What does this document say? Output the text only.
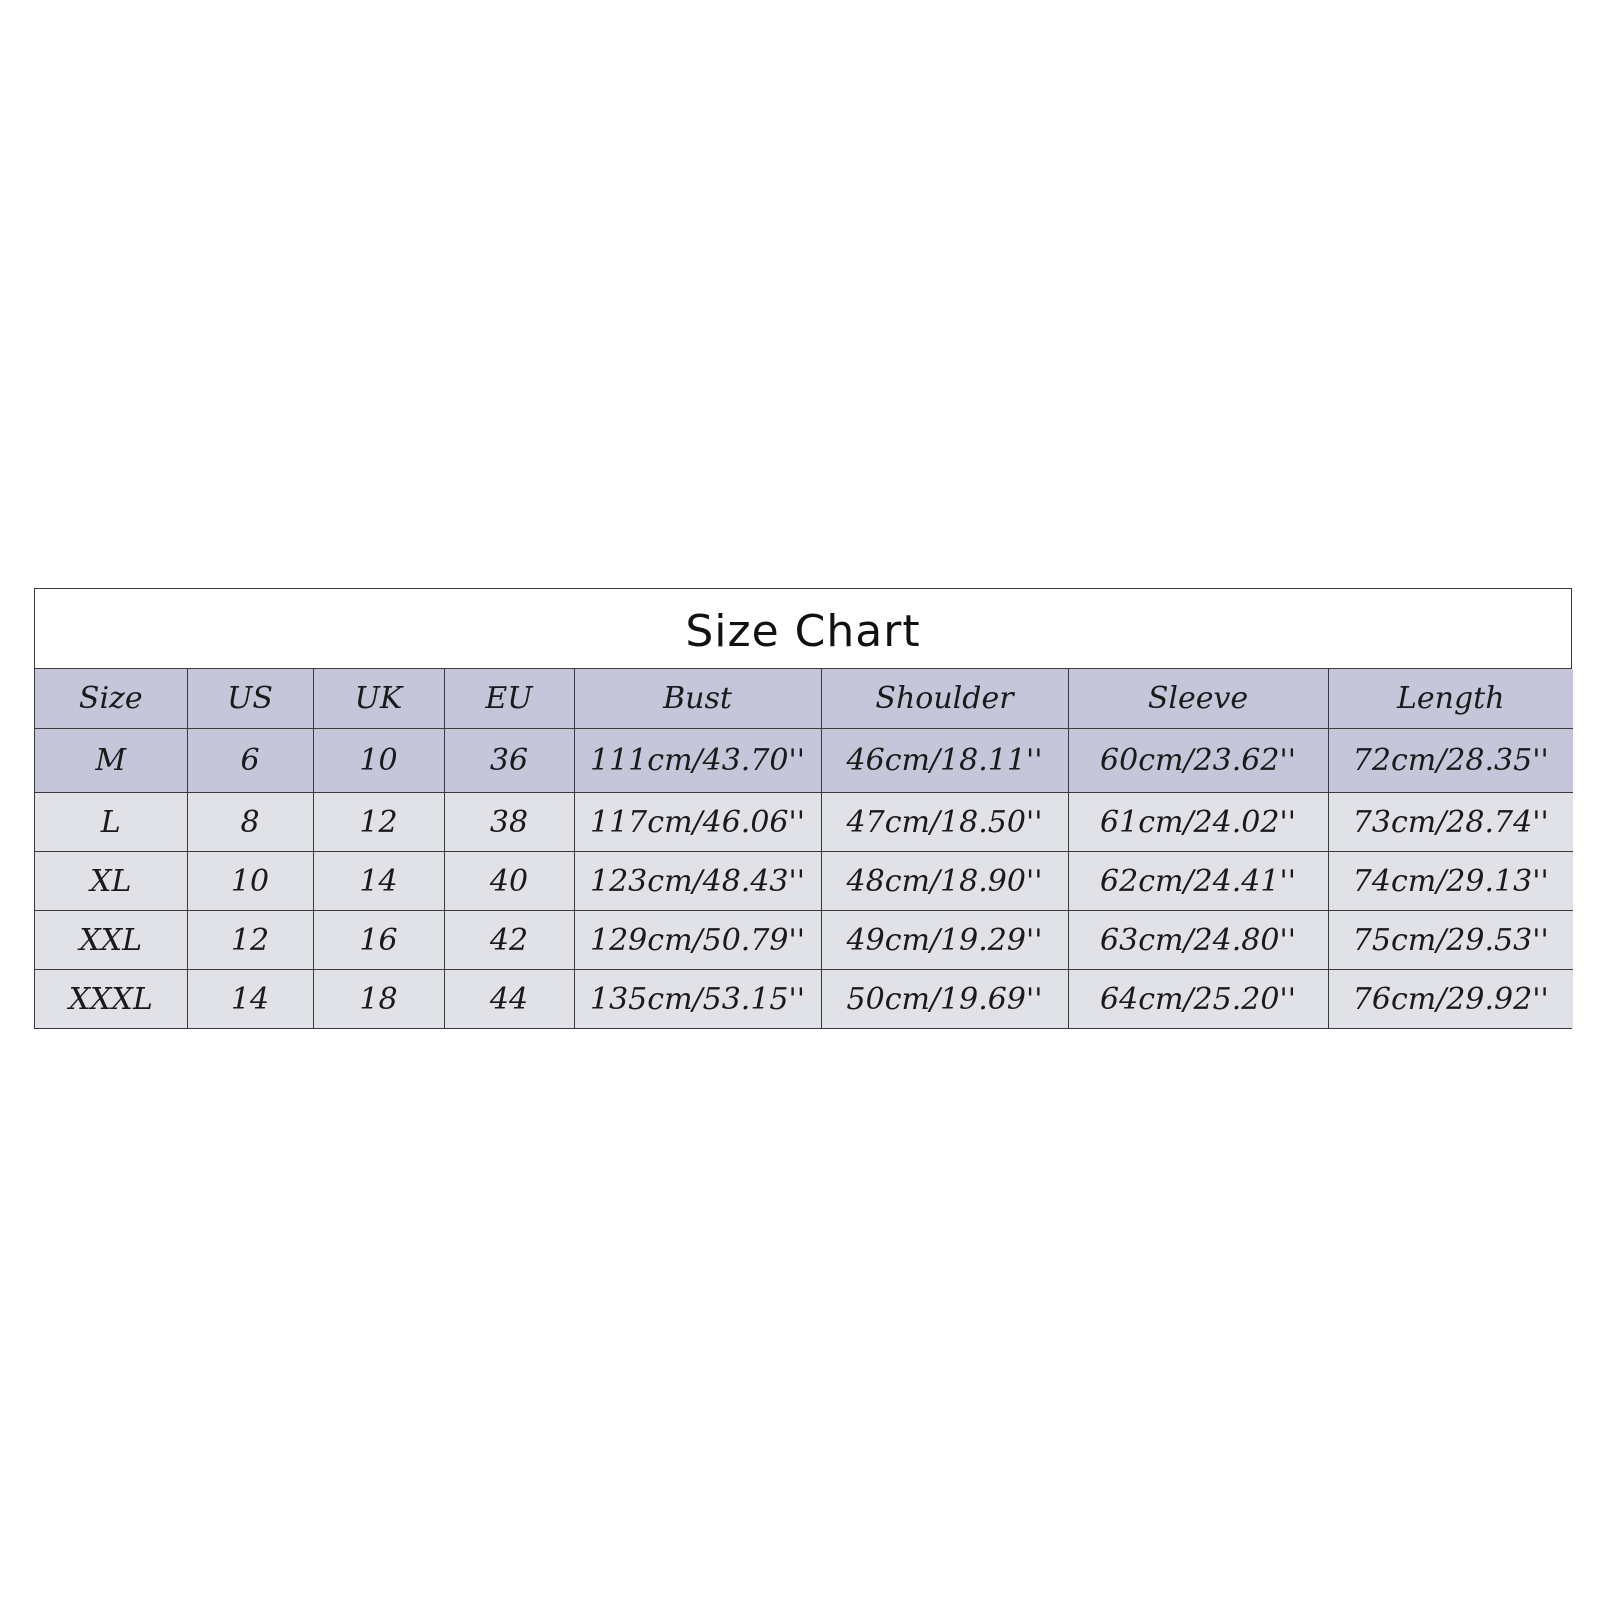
Size Chart
Size	US	UK	EU	Bust	Shoulder	Sleeve	Length
M	6	10	36	111cm/43.70''	46cm/18.11''	60cm/23.62''	72cm/28.35''
L	8	12	38	117cm/46.06''	47cm/18.50''	61cm/24.02''	73cm/28.74''
XL	10	14	40	123cm/48.43''	48cm/18.90''	62cm/24.41''	74cm/29.13''
XXL	12	16	42	129cm/50.79''	49cm/19.29''	63cm/24.80''	75cm/29.53''
XXXL	14	18	44	135cm/53.15''	50cm/19.69''	64cm/25.20''	76cm/29.92''
